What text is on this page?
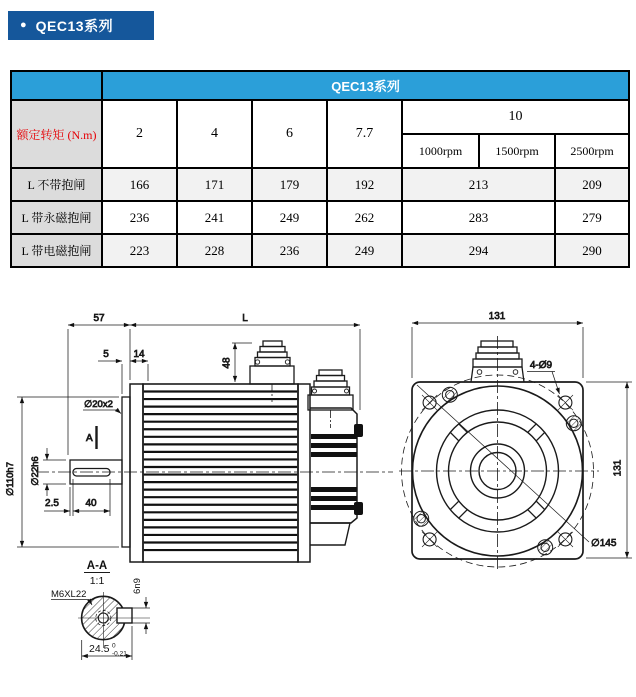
● QEC13系列
	QEC13系列						
额定转矩 (N.m)	2	4	6	7.7	10		
					1000rpm	1500rpm	2500rpm
L 不带抱闸	166	171	179	192	213		209
L 带永磁抱闸	236	241	249	262	283		279
L 带电磁抱闸	223	228	236	249	294		290
57	L
5 14
48
∅20x2
A
∅110h7 ∅22h6
2.5	40
A-A
1:1
M6XL22
6n9
24.5 0
-0.21
131
131
4-Ø9
∅145
